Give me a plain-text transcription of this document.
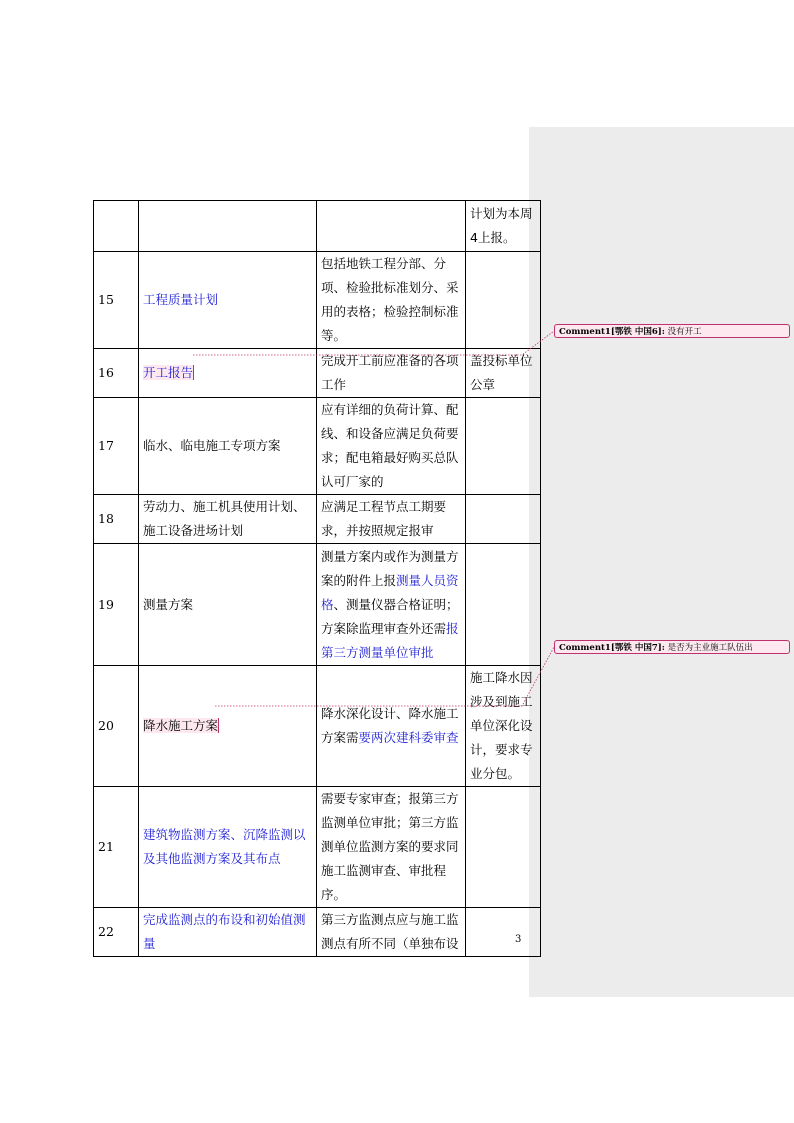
			计划为本周4上报。
15	工程质量计划	包括地铁工程分部、分项、检验批标准划分、采用的表格；检验控制标准等。	
16	开工报告	完成开工前应准备的各项工作	盖投标单位公章
17	临水、临电施工专项方案	应有详细的负荷计算、配线、和设备应满足负荷要求；配电箱最好购买总队认可厂家的	
18	劳动力、施工机具使用计划、施工设备进场计划	应满足工程节点工期要求，并按照规定报审	
19	测量方案	测量方案内或作为测量方案的附件上报测量人员资格、测量仪器合格证明；方案除监理审查外还需报第三方测量单位审批	
20	降水施工方案	降水深化设计、降水施工方案需要两次建科委审查	施工降水因涉及到施工单位深化设计，要求专业分包。
21	建筑物监测方案、沉降监测以及其他监测方案及其布点	需要专家审查；报第三方监测单位审批；第三方监测单位监测方案的要求同施工监测审查、审批程序。	
22	完成监测点的布设和初始值测量	第三方监测点应与施工监测点有所不同（单独布设	
Comment1[鄂铁 中国6]: 没有开工
Comment1[鄂铁 中国7]: 是否为主业施工队伍出
3
